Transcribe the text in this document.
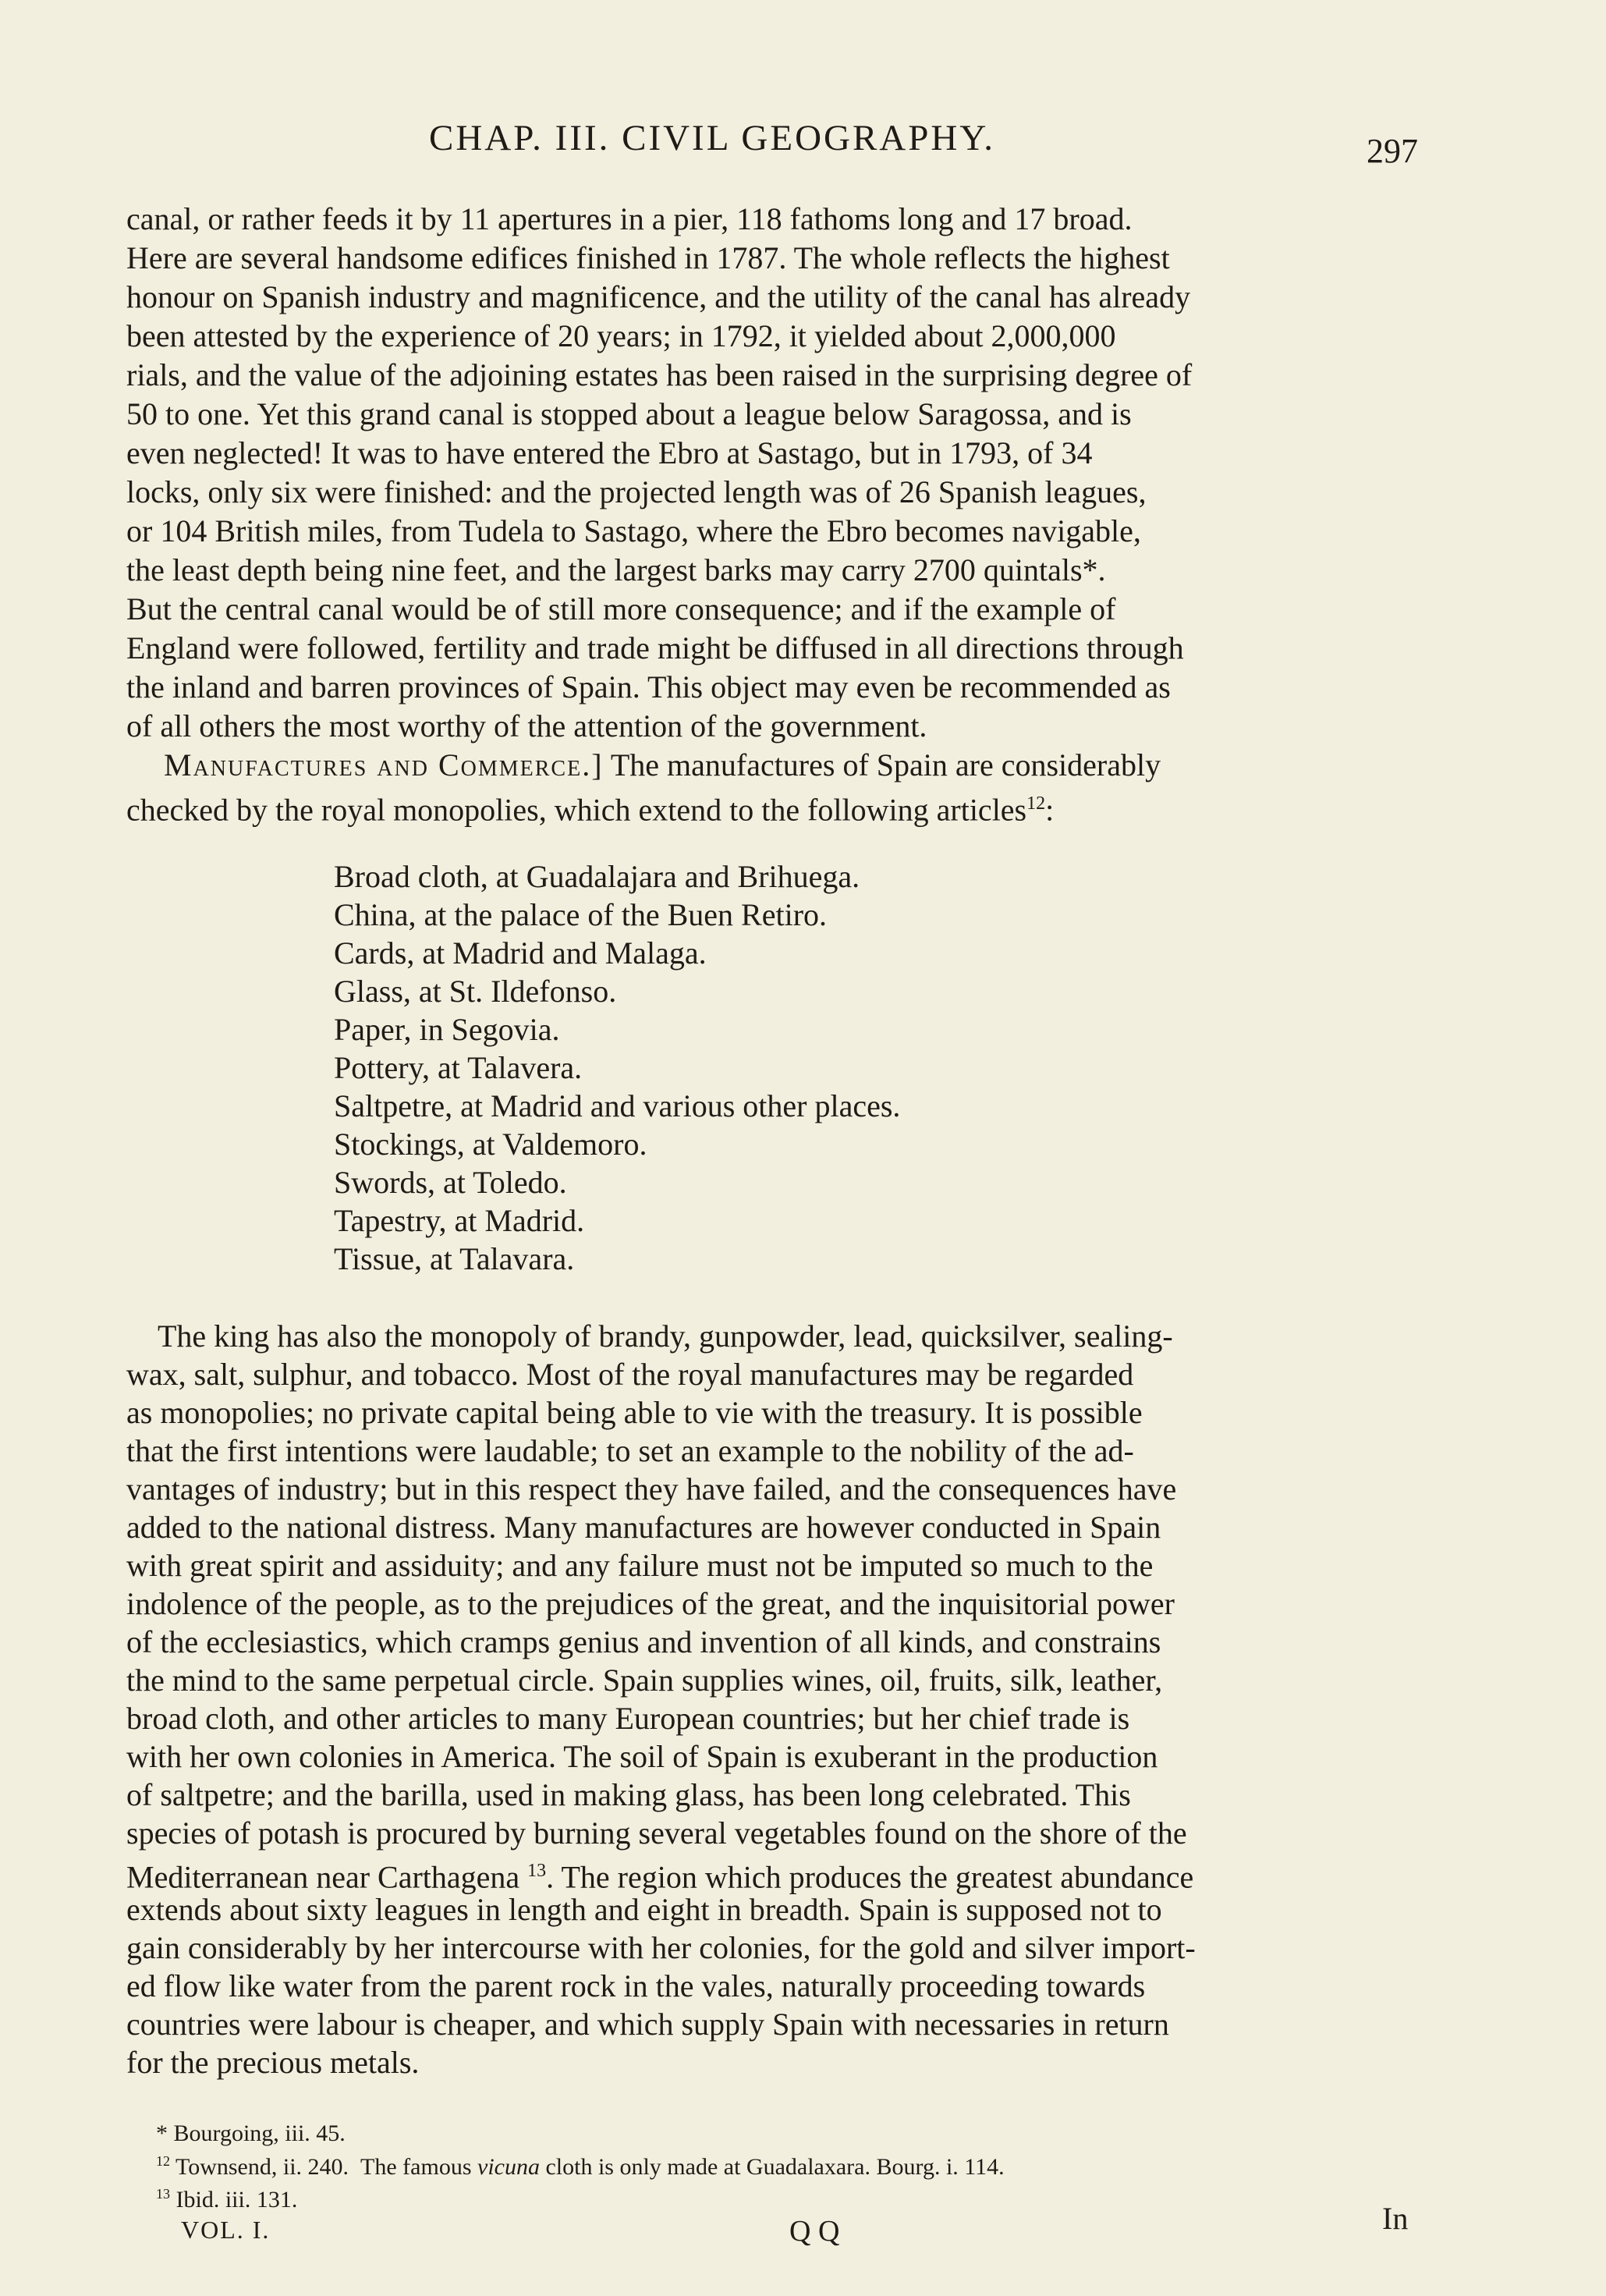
CHAP. III. CIVIL GEOGRAPHY.	297
canal, or rather feeds it by 11 apertures in a pier, 118 fathoms long and 17 broad.
Here are several handsome edifices finished in 1787. The whole reflects the highest
honour on Spanish industry and magnificence, and the utility of the canal has already
been attested by the experience of 20 years; in 1792, it yielded about 2,000,000
rials, and the value of the adjoining estates has been raised in the surprising degree of
50 to one. Yet this grand canal is stopped about a league below Saragossa, and is
even neglected! It was to have entered the Ebro at Sastago, but in 1793, of 34
locks, only six were finished: and the projected length was of 26 Spanish leagues,
or 104 British miles, from Tudela to Sastago, where the Ebro becomes navigable,
the least depth being nine feet, and the largest barks may carry 2700 quintals*.
But the central canal would be of still more consequence; and if the example of
England were followed, fertility and trade might be diffused in all directions through
the inland and barren provinces of Spain. This object may even be recommended as
of all others the most worthy of the attention of the government.
Manufactures and Commerce.] The manufactures of Spain are considerably
checked by the royal monopolies, which extend to the following articles$^{12}$:
Broad cloth, at Guadalajara and Brihuega.
China, at the palace of the Buen Retiro.
Cards, at Madrid and Malaga.
Glass, at St. Ildefonso.
Paper, in Segovia.
Pottery, at Talavera.
Saltpetre, at Madrid and various other places.
Stockings, at Valdemoro.
Swords, at Toledo.
Tapestry, at Madrid.
Tissue, at Talavara.
The king has also the monopoly of brandy, gunpowder, lead, quicksilver, sealing-
wax, salt, sulphur, and tobacco. Most of the royal manufactures may be regarded
as monopolies; no private capital being able to vie with the treasury. It is possible
that the first intentions were laudable; to set an example to the nobility of the ad-
vantages of industry; but in this respect they have failed, and the consequences have
added to the national distress. Many manufactures are however conducted in Spain
with great spirit and assiduity; and any failure must not be imputed so much to the
indolence of the people, as to the prejudices of the great, and the inquisitorial power
of the ecclesiastics, which cramps genius and invention of all kinds, and constrains
the mind to the same perpetual circle. Spain supplies wines, oil, fruits, silk, leather,
broad cloth, and other articles to many European countries; but her chief trade is
with her own colonies in America. The soil of Spain is exuberant in the production
of saltpetre; and the barilla, used in making glass, has been long celebrated. This
species of potash is procured by burning several vegetables found on the shore of the
Mediterranean near Carthagena $^{13}$. The region which produces the greatest abundance
extends about sixty leagues in length and eight in breadth. Spain is supposed not to
gain considerably by her intercourse with her colonies, for the gold and silver import-
ed flow like water from the parent rock in the vales, naturally proceeding towards
countries were labour is cheaper, and which supply Spain with necessaries in return
for the precious metals.
* Bourgoing, iii. 45.
$^{12}$ Townsend, ii. 240. The famous vicuna cloth is only made at Guadalaxara. Bourg. i. 114.
$^{13}$ Ibid. iii. 131.
VOL. I.	Q Q	In
